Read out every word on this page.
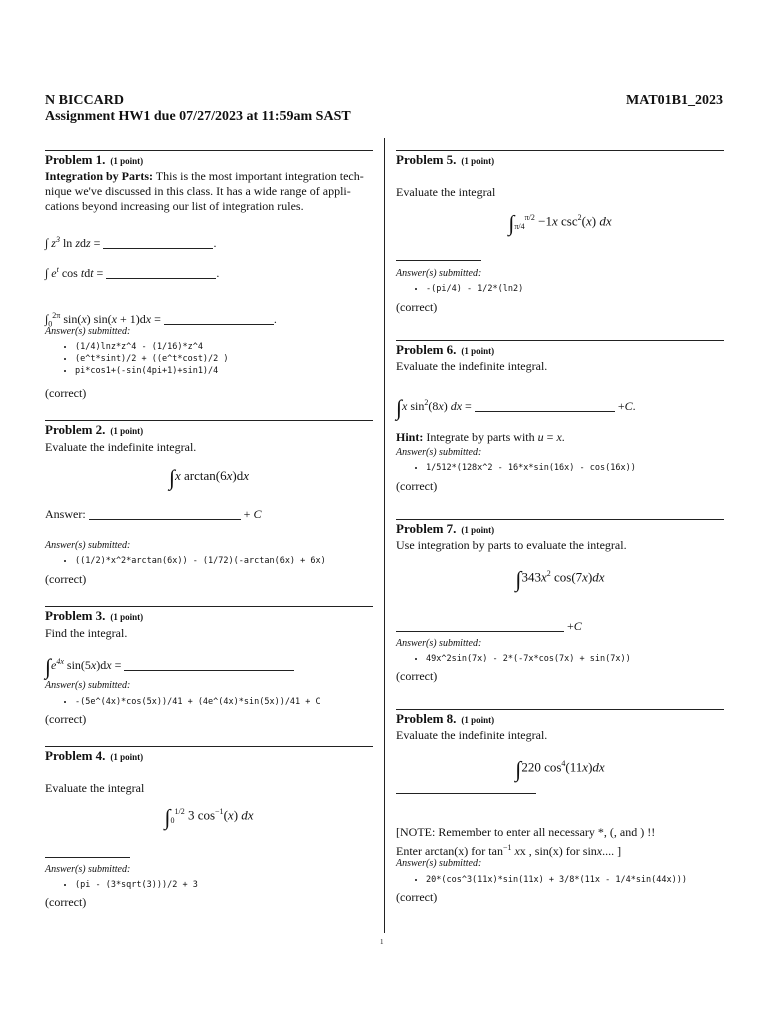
N BICCARD
Assignment HW1 due 07/27/2023 at 11:59am SAST
MAT01B1_2023
1
Problem 1. (1 point)
Integration by Parts: This is the most important integration tech-
nique we've discussed in this class. It has a wide range of appli-
cations beyond increasing our list of integration rules.
∫ $z^3$ ln zdz =	.
∫ $e^t$ cos tdt =	.
$\int_0^{2\pi}$ sin(x) sin(x + 1)dx =	.
Answer(s) submitted:
• (1/4)lnz*z^4 - (1/16)*z^4
• (e^t*sint)/2 + ((e^t*cost)/2 )
• pi*cos1+(-sin(4pi+1)+sin1)/4
(correct)
Problem 2. (1 point)
Evaluate the indefinite integral.
∫x arctan(6x)dx
Answer:	+ C
Answer(s) submitted:
• ((1/2)*x^2*arctan(6x)) - (1/72)(-arctan(6x) + 6x)
(correct)
Problem 3. (1 point)
Find the integral.
$\int e^{4x}$ sin(5x)dx =
Answer(s) submitted:
• -(5e^(4x)*cos(5x))/41 + (4e^(4x)*sin(5x))/41 + C
(correct)
Problem 4. (1 point)
Evaluate the integral
$\int_0^{1/2}$ 3 $\cos^{-1}(x)$ dx
Answer(s) submitted:
• (pi - (3*sqrt(3)))/2 + 3
(correct)
Problem 5. (1 point)
Evaluate the integral
$\int_{\pi/4}^{\pi/2} -1x$ $\csc^2(x)$ dx
Answer(s) submitted:
• -(pi/4) - 1/2*(ln2)
(correct)
Problem 6. (1 point)
Evaluate the indefinite integral.
∫x $\sin^2(8x)$ dx =	+C.
Hint: Integrate by parts with u = x.
Answer(s) submitted:
• 1/512*(128x^2 - 16*x*sin(16x) - cos(16x))
(correct)
Problem 7. (1 point)
Use integration by parts to evaluate the integral.
$\int 343x^2$ cos(7x)dx
+C
Answer(s) submitted:
• 49x^2sin(7x) - 2*(-7x*cos(7x) + sin(7x))
(correct)
Problem 8. (1 point)
Evaluate the indefinite integral.
∫220 $\cos^4(11x)dx$
[NOTE: Remember to enter all necessary *, (, and ) !!
Enter arctan(x) for $\tan^{-1}$ xx , sin(x) for sinx.... ]
Answer(s) submitted:
• 20*(cos^3(11x)*sin(11x) + 3/8*(11x - 1/4*sin(44x)))
(correct)
